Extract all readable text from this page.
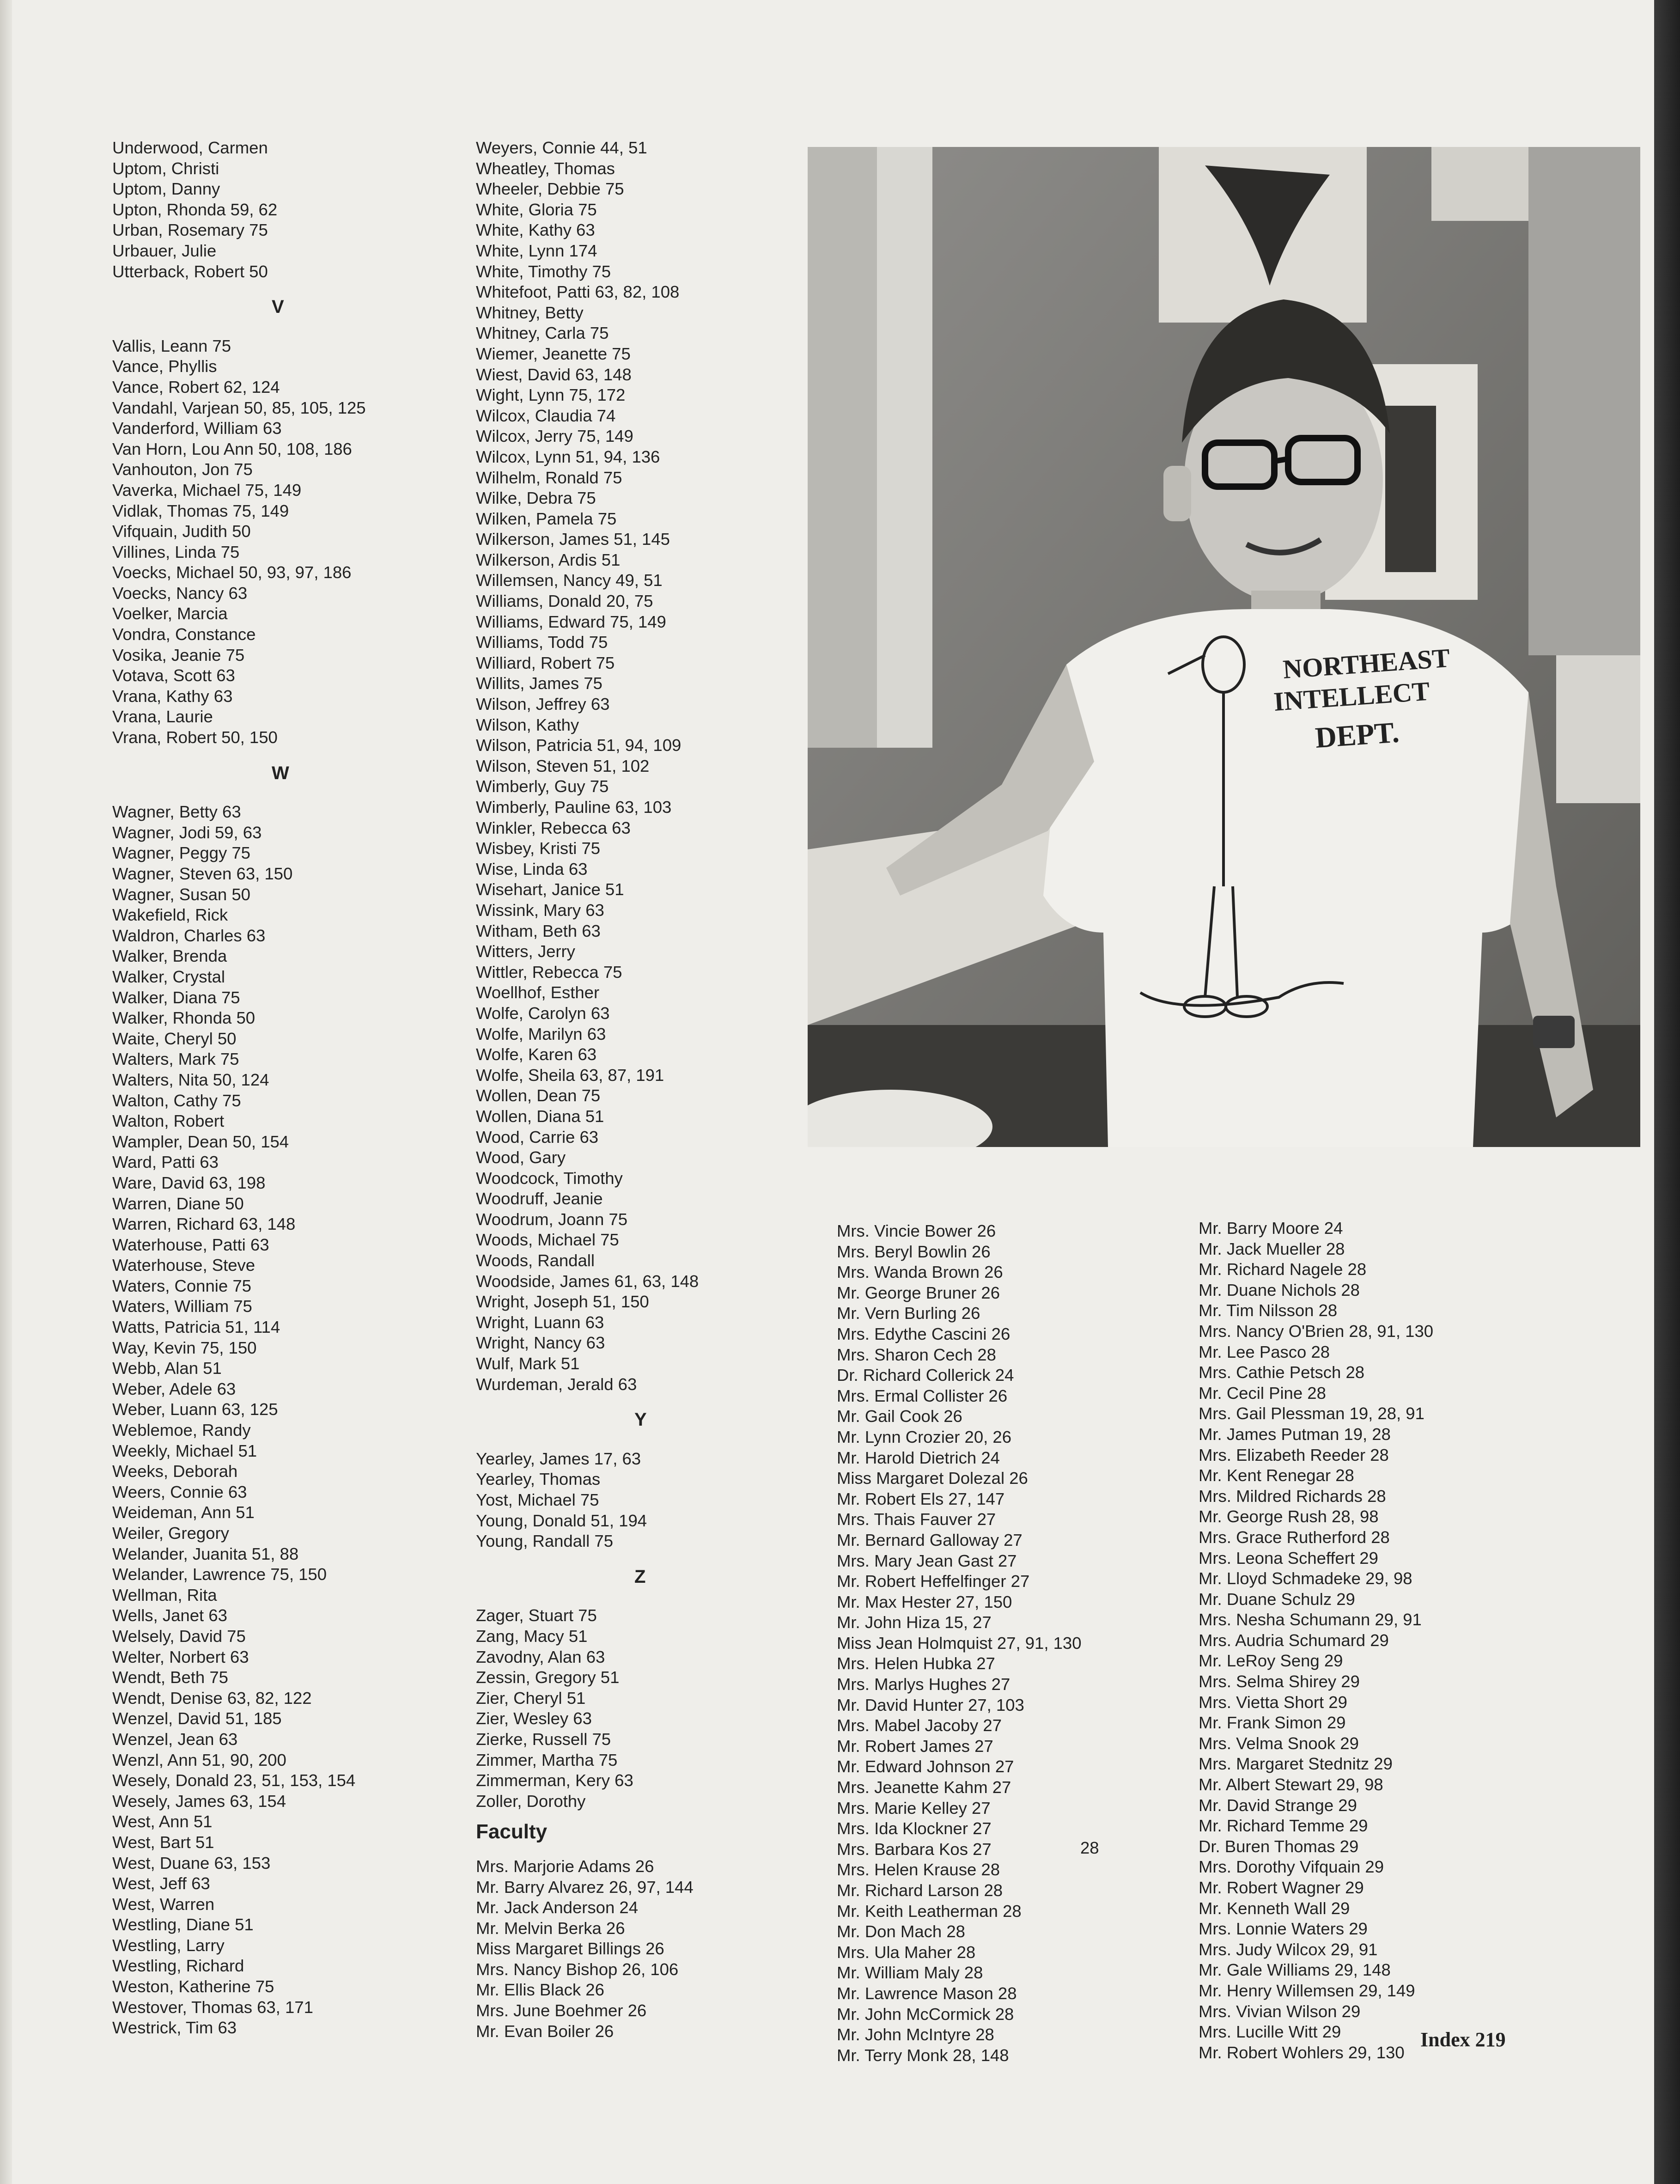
Underwood, Carmen
Uptom, Christi
Uptom, Danny
Upton, Rhonda 59, 62
Urban, Rosemary 75
Urbauer, Julie
Utterback, Robert 50
V
Vallis, Leann 75
Vance, Phyllis
Vance, Robert 62, 124
Vandahl, Varjean 50, 85, 105, 125
Vanderford, William 63
Van Horn, Lou Ann 50, 108, 186
Vanhouton, Jon 75
Vaverka, Michael 75, 149
Vidlak, Thomas 75, 149
Vifquain, Judith 50
Villines, Linda 75
Voecks, Michael 50, 93, 97, 186
Voecks, Nancy 63
Voelker, Marcia
Vondra, Constance
Vosika, Jeanie 75
Votava, Scott 63
Vrana, Kathy 63
Vrana, Laurie
Vrana, Robert 50, 150
W
Wagner, Betty 63
Wagner, Jodi 59, 63
Wagner, Peggy 75
Wagner, Steven 63, 150
Wagner, Susan 50
Wakefield, Rick
Waldron, Charles 63
Walker, Brenda
Walker, Crystal
Walker, Diana 75
Walker, Rhonda 50
Waite, Cheryl 50
Walters, Mark 75
Walters, Nita 50, 124
Walton, Cathy 75
Walton, Robert
Wampler, Dean 50, 154
Ward, Patti 63
Ware, David 63, 198
Warren, Diane 50
Warren, Richard 63, 148
Waterhouse, Patti 63
Waterhouse, Steve
Waters, Connie 75
Waters, William 75
Watts, Patricia 51, 114
Way, Kevin 75, 150
Webb, Alan 51
Weber, Adele 63
Weber, Luann 63, 125
Weblemoe, Randy
Weekly, Michael 51
Weeks, Deborah
Weers, Connie 63
Weideman, Ann 51
Weiler, Gregory
Welander, Juanita 51, 88
Welander, Lawrence 75, 150
Wellman, Rita
Wells, Janet 63
Welsely, David 75
Welter, Norbert 63
Wendt, Beth 75
Wendt, Denise 63, 82, 122
Wenzel, David 51, 185
Wenzel, Jean 63
Wenzl, Ann 51, 90, 200
Wesely, Donald 23, 51, 153, 154
Wesely, James 63, 154
West, Ann 51
West, Bart 51
West, Duane 63, 153
West, Jeff 63
West, Warren
Westling, Diane 51
Westling, Larry
Westling, Richard
Weston, Katherine 75
Westover, Thomas 63, 171
Westrick, Tim 63
Weyers, Connie 44, 51
Wheatley, Thomas
Wheeler, Debbie 75
White, Gloria 75
White, Kathy 63
White, Lynn 174
White, Timothy 75
Whitefoot, Patti 63, 82, 108
Whitney, Betty
Whitney, Carla 75
Wiemer, Jeanette 75
Wiest, David 63, 148
Wight, Lynn 75, 172
Wilcox, Claudia 74
Wilcox, Jerry 75, 149
Wilcox, Lynn 51, 94, 136
Wilhelm, Ronald 75
Wilke, Debra 75
Wilken, Pamela 75
Wilkerson, James 51, 145
Wilkerson, Ardis 51
Willemsen, Nancy 49, 51
Williams, Donald 20, 75
Williams, Edward 75, 149
Williams, Todd 75
Williard, Robert 75
Willits, James 75
Wilson, Jeffrey 63
Wilson, Kathy
Wilson, Patricia 51, 94, 109
Wilson, Steven 51, 102
Wimberly, Guy 75
Wimberly, Pauline 63, 103
Winkler, Rebecca 63
Wisbey, Kristi 75
Wise, Linda 63
Wisehart, Janice 51
Wissink, Mary 63
Witham, Beth 63
Witters, Jerry
Wittler, Rebecca 75
Woellhof, Esther
Wolfe, Carolyn 63
Wolfe, Marilyn 63
Wolfe, Karen 63
Wolfe, Sheila 63, 87, 191
Wollen, Dean 75
Wollen, Diana 51
Wood, Carrie 63
Wood, Gary
Woodcock, Timothy
Woodruff, Jeanie
Woodrum, Joann 75
Woods, Michael 75
Woods, Randall
Woodside, James 61, 63, 148
Wright, Joseph 51, 150
Wright, Luann 63
Wright, Nancy 63
Wulf, Mark 51
Wurdeman, Jerald 63
Y
Yearley, James 17, 63
Yearley, Thomas
Yost, Michael 75
Young, Donald 51, 194
Young, Randall 75
Z
Zager, Stuart 75
Zang, Macy 51
Zavodny, Alan 63
Zessin, Gregory 51
Zier, Cheryl 51
Zier, Wesley 63
Zierke, Russell 75
Zimmer, Martha 75
Zimmerman, Kery 63
Zoller, Dorothy
Faculty
Mrs. Marjorie Adams 26
Mr. Barry Alvarez 26, 97, 144
Mr. Jack Anderson 24
Mr. Melvin Berka 26
Miss Margaret Billings 26
Mrs. Nancy Bishop 26, 106
Mr. Ellis Black 26
Mrs. June Boehmer 26
Mr. Evan Boiler 26
Mrs. Vincie Bower 26
Mrs. Beryl Bowlin 26
Mrs. Wanda Brown 26
Mr. George Bruner 26
Mr. Vern Burling 26
Mrs. Edythe Cascini 26
Mrs. Sharon Cech 28
Dr. Richard Collerick 24
Mrs. Ermal Collister 26
Mr. Gail Cook 26
Mr. Lynn Crozier 20, 26
Mr. Harold Dietrich 24
Miss Margaret Dolezal 26
Mr. Robert Els 27, 147
Mrs. Thais Fauver 27
Mr. Bernard Galloway 27
Mrs. Mary Jean Gast 27
Mr. Robert Heffelfinger 27
Mr. Max Hester 27, 150
Mr. John Hiza 15, 27
Miss Jean Holmquist 27, 91, 130
Mrs. Helen Hubka 27
Mrs. Marlys Hughes 27
Mr. David Hunter 27, 103
Mrs. Mabel Jacoby 27
Mr. Robert James 27
Mr. Edward Johnson 27
Mrs. Jeanette Kahm 27
Mrs. Marie Kelley 27
Mrs. Ida Klockner 27
Mrs. Barbara Kos 27
Mrs. Helen Krause 28
Mr. Richard Larson 28
Mr. Keith Leatherman 28
Mr. Don Mach 28
Mrs. Ula Maher 28
Mr. William Maly 28
Mr. Lawrence Mason 28
Mr. John McCormick 28
Mr. John McIntyre 28
Mr. Terry Monk 28, 148
28
Mr. Barry Moore 24
Mr. Jack Mueller 28
Mr. Richard Nagele 28
Mr. Duane Nichols 28
Mr. Tim Nilsson 28
Mrs. Nancy O'Brien 28, 91, 130
Mr. Lee Pasco 28
Mrs. Cathie Petsch 28
Mr. Cecil Pine 28
Mrs. Gail Plessman 19, 28, 91
Mr. James Putman 19, 28
Mrs. Elizabeth Reeder 28
Mr. Kent Renegar 28
Mrs. Mildred Richards 28
Mr. George Rush 28, 98
Mrs. Grace Rutherford 28
Mrs. Leona Scheffert 29
Mr. Lloyd Schmadeke 29, 98
Mr. Duane Schulz 29
Mrs. Nesha Schumann 29, 91
Mrs. Audria Schumard 29
Mr. LeRoy Seng 29
Mrs. Selma Shirey 29
Mrs. Vietta Short 29
Mr. Frank Simon 29
Mrs. Velma Snook 29
Mrs. Margaret Stednitz 29
Mr. Albert Stewart 29, 98
Mr. David Strange 29
Mr. Richard Temme 29
Dr. Buren Thomas 29
Mrs. Dorothy Vifquain 29
Mr. Robert Wagner 29
Mr. Kenneth Wall 29
Mrs. Lonnie Waters 29
Mrs. Judy Wilcox 29, 91
Mr. Gale Williams 29, 148
Mr. Henry Willemsen 29, 149
Mrs. Vivian Wilson 29
Mrs. Lucille Witt 29
Mr. Robert Wohlers 29, 130
NORTHEAST
INTELLECT
DEPT.
Index 219
